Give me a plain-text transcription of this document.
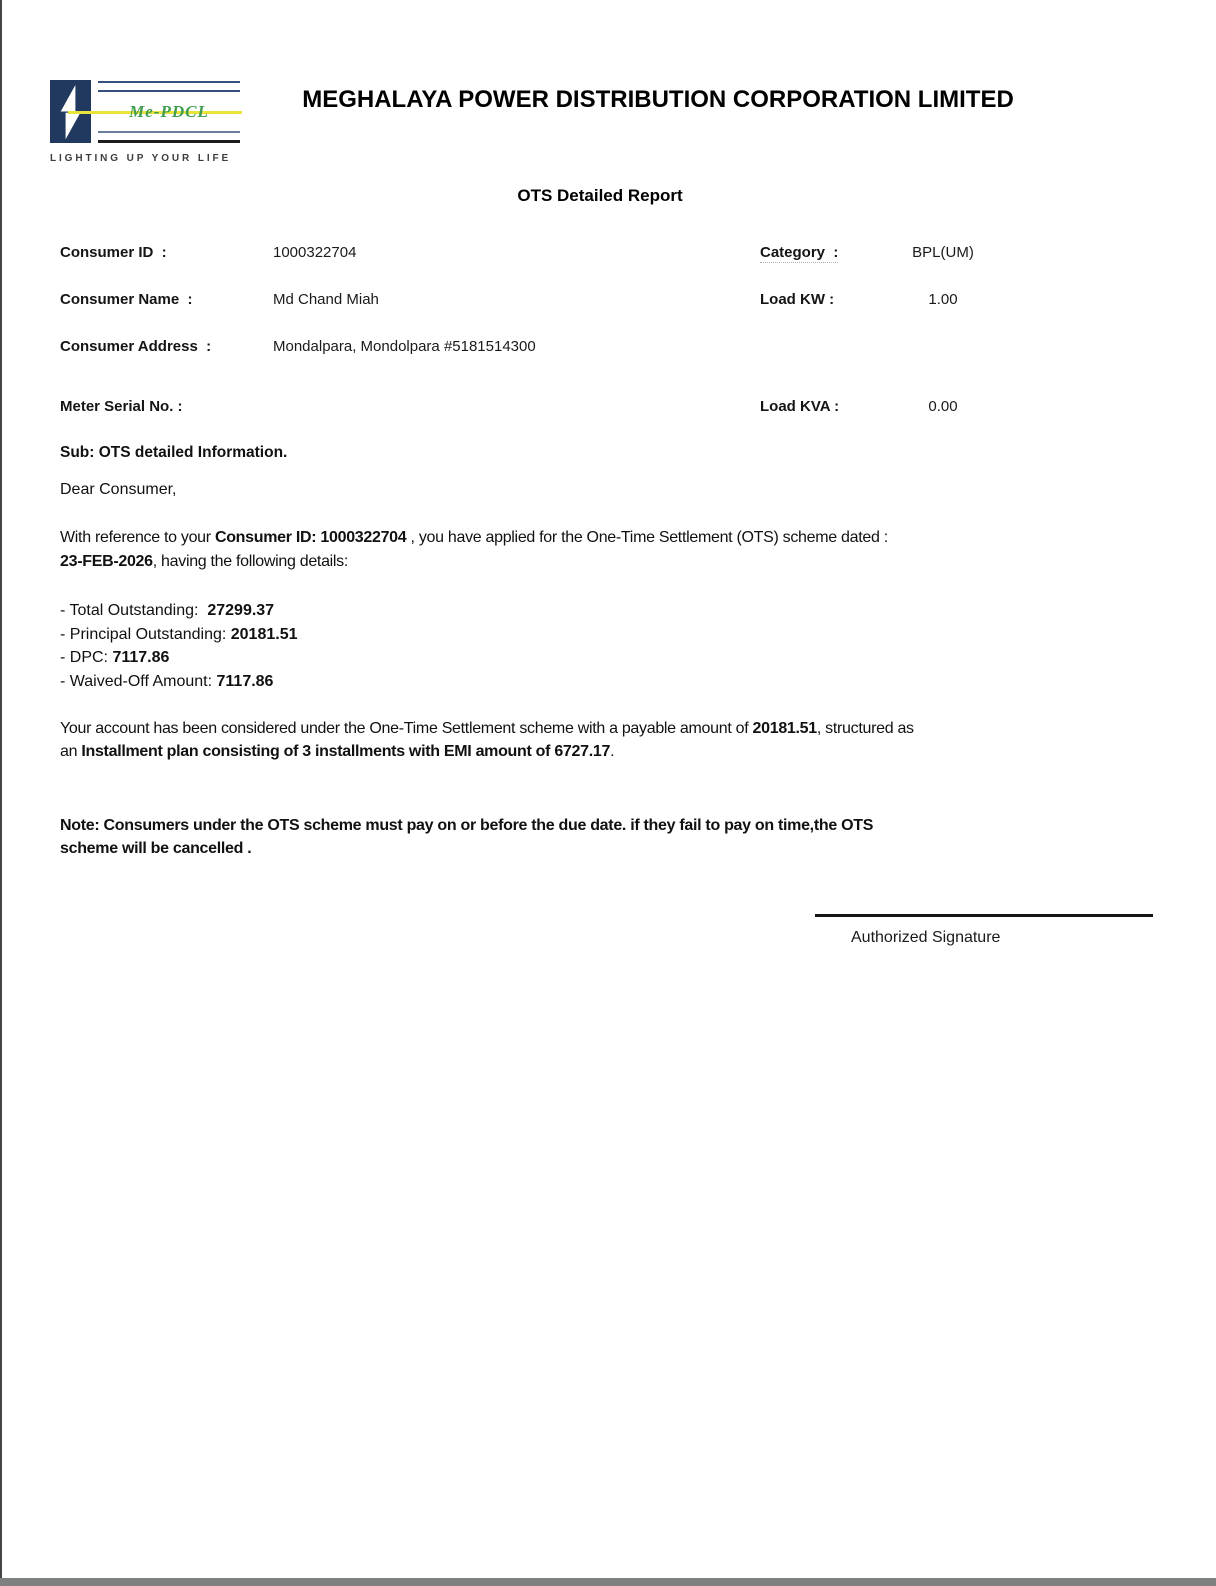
Me-PDCL
LIGHTING UP YOUR LIFE
MEGHALAYA POWER DISTRIBUTION CORPORATION LIMITED
OTS Detailed Report
Consumer ID  :	1000322704	Category  :	BPL(UM)
Consumer Name  :	Md Chand Miah	Load KW :	1.00
Consumer Address  :	Mondalpara, Mondolpara #5181514300
Meter Serial No. :	Load KVA :	0.00
Sub: OTS detailed Information.
Dear Consumer,
With reference to your Consumer ID: 1000322704 , you have applied for the One-Time Settlement (OTS) scheme dated :
23-FEB-2026, having the following details:
- Total Outstanding:  27299.37
- Principal Outstanding: 20181.51
- DPC: 7117.86
- Waived-Off Amount: 7117.86
Your account has been considered under the One-Time Settlement scheme with a payable amount of 20181.51, structured as
an Installment plan consisting of 3 installments with EMI amount of 6727.17.
Note: Consumers under the OTS scheme must pay on or before the due date. if they fail to pay on time,the OTS
scheme will be cancelled .
Authorized Signature
